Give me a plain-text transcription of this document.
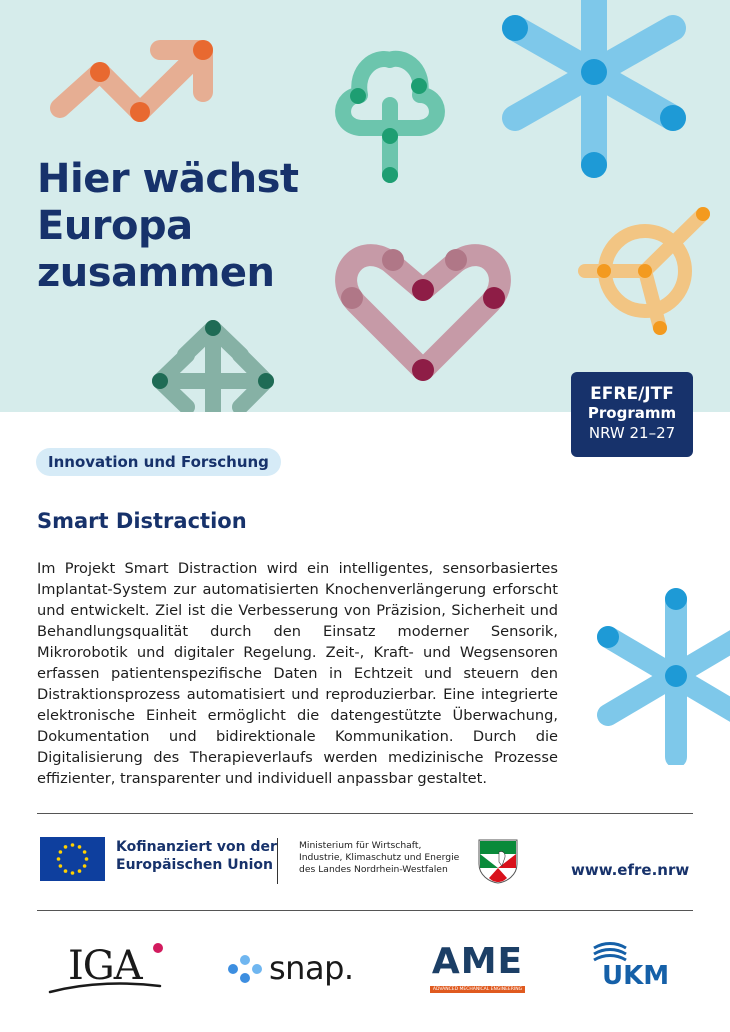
Hier wächst
Europa
zusammen
EFRE/JTF
Programm
NRW 21–27
Innovation und Forschung
Smart Distraction

Im Projekt Smart Distraction wird ein intelligentes, sensorbasiertes Implantat-System zur automatisierten Knochenverlängerung erforscht und entwickelt. Ziel ist die Verbesserung von Präzision, Sicherheit und Behandlungsqualität durch den Einsatz moderner Sensorik, Mikrorobotik und digitaler Regelung. Zeit-, Kraft- und Wegsensoren erfassen patientenspezifische Daten in Echtzeit und steuern den Distraktionsprozess automatisiert und reproduzierbar. Eine integrierte elektronische Einheit ermöglicht die datengestützte Überwachung, Dokumentation und bidirektionale Kommunikation. Durch die Digitalisierung des Therapieverlaufs werden medizinische Prozesse effizienter, transparenter und individuell anpassbar gestaltet.

Kofinanziert von der
Europäischen Union
Ministerium für Wirtschaft,
Industrie, Klimaschutz und Energie
des Landes Nordrhein-Westfalen	www.efre.nrw
IGA	snap. AME
ADVANCED MECHANICAL ENGINEERING	UKM
